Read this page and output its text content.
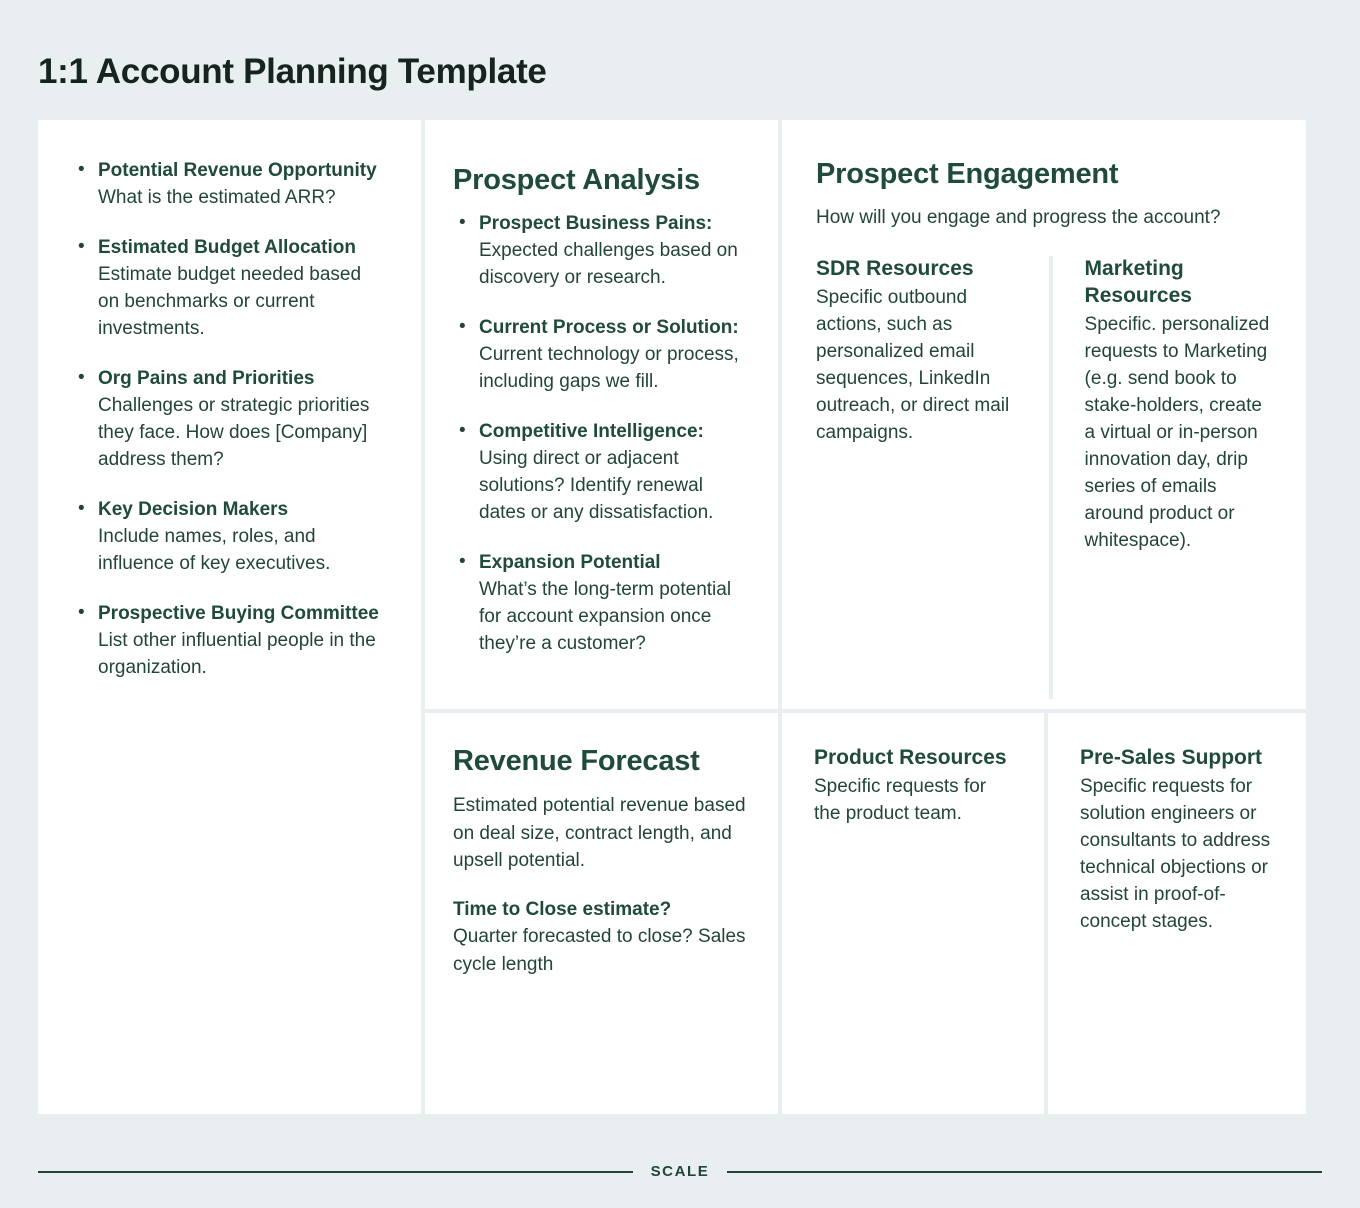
1:1 Account Planning Template
• Potential Revenue Opportunity
What is the estimated ARR?
• Estimated Budget Allocation
Estimate budget needed based on benchmarks or current investments.
• Org Pains and Priorities
Challenges or strategic priorities they face. How does [Company] address them?
• Key Decision Makers
Include names, roles, and influence of key executives.
• Prospective Buying Committee
List other influential people in the organization.
Prospect Analysis
• Prospect Business Pains:
Expected challenges based on discovery or research.
• Current Process or Solution:
Current technology or process, including gaps we fill.
• Competitive Intelligence:
Using direct or adjacent solutions? Identify renewal dates or any dissatisfaction.
• Expansion Potential
What’s the long-term potential for account expansion once they’re a customer?
Revenue Forecast
Estimated potential revenue based on deal size, contract length, and upsell potential.
Time to Close estimate?
Quarter forecasted to close? Sales cycle length
Prospect Engagement
How will you engage and progress the account?
SDR Resources
Specific outbound actions, such as personalized email sequences, LinkedIn outreach, or direct mail campaigns.
Marketing Resources
Specific. personalized requests to Marketing (e.g. send book to stake-holders, create a virtual or in-person innovation day, drip series of emails around product or whitespace).
Product Resources
Specific requests for the product team.
Pre-Sales Support
Specific requests for solution engineers or consultants to address technical objections or assist in proof-of-concept stages.
SCALE
